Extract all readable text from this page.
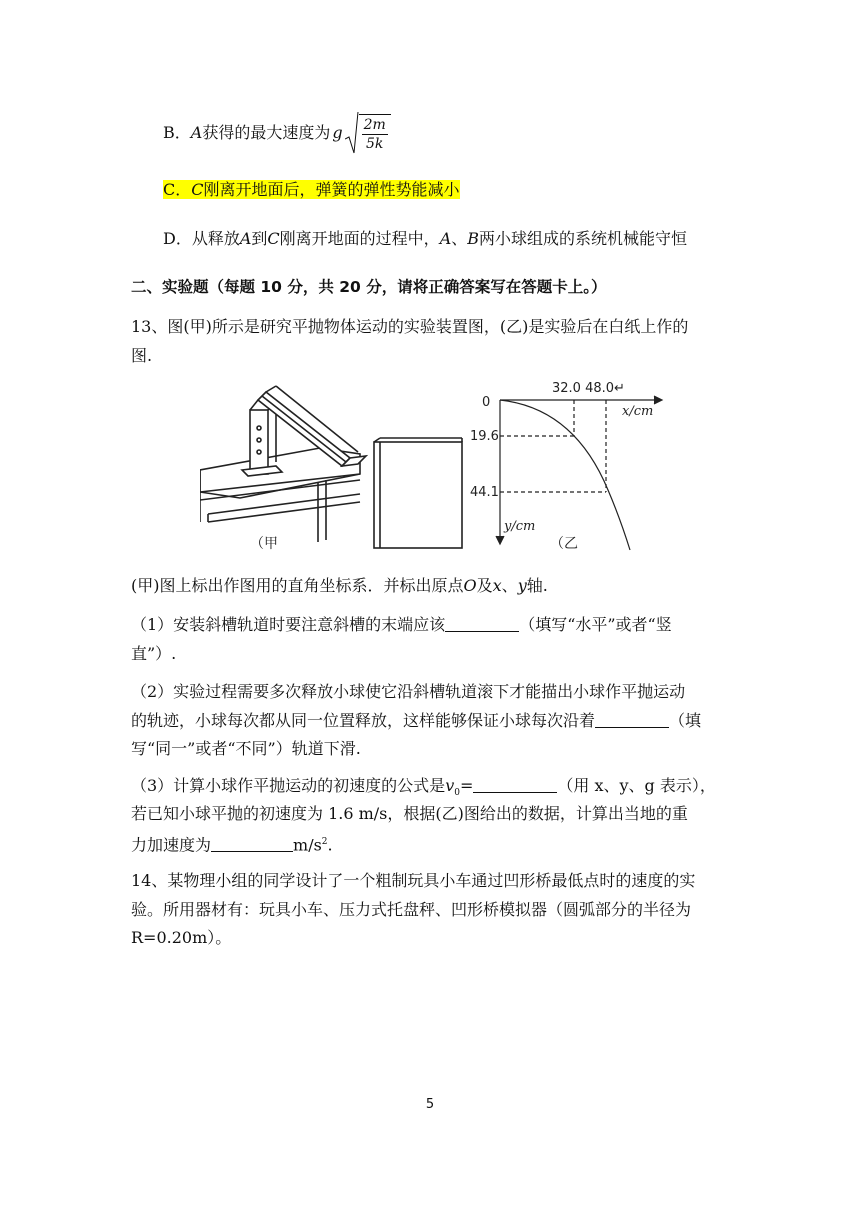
B． A 获得的最大速度为 g $\frac{2m}{5k}$
C．C刚离开地面后，弹簧的弹性势能减小
D．从释放A到C刚离开地面的过程中，A、B两小球组成的系统机械能守恒
二、实验题（每题 10 分，共 20 分，请将正确答案写在答题卡上。）
13、图(甲)所示是研究平抛物体运动的实验装置图，(乙)是实验后在白纸上作的
图.
（甲
0
32.0 48.0↵
x/cm
19.6
44.1
y/cm
（乙
(甲)图上标出作图用的直角坐标系．并标出原点O及x、y轴.
（1）安装斜槽轨道时要注意斜槽的末端应该	（填写“水平”或者“竖
直”）.
（2）实验过程需要多次释放小球使它沿斜槽轨道滚下才能描出小球作平抛运动
的轨迹，小球每次都从同一位置释放，这样能够保证小球每次沿着	（填
写“同一”或者“不同”）轨道下滑.
（3）计算小球作平抛运动的初速度的公式是$v_0=$	（用 x、y、g 表示），
若已知小球平抛的初速度为 1.6 m/s，根据(乙)图给出的数据，计算出当地的重
力加速度为	$m/s^2$.
14、某物理小组的同学设计了一个粗制玩具小车通过凹形桥最低点时的速度的实
验。所用器材有：玩具小车、压力式托盘秤、凹形桥模拟器（圆弧部分的半径为
R=0.20m）。
5
